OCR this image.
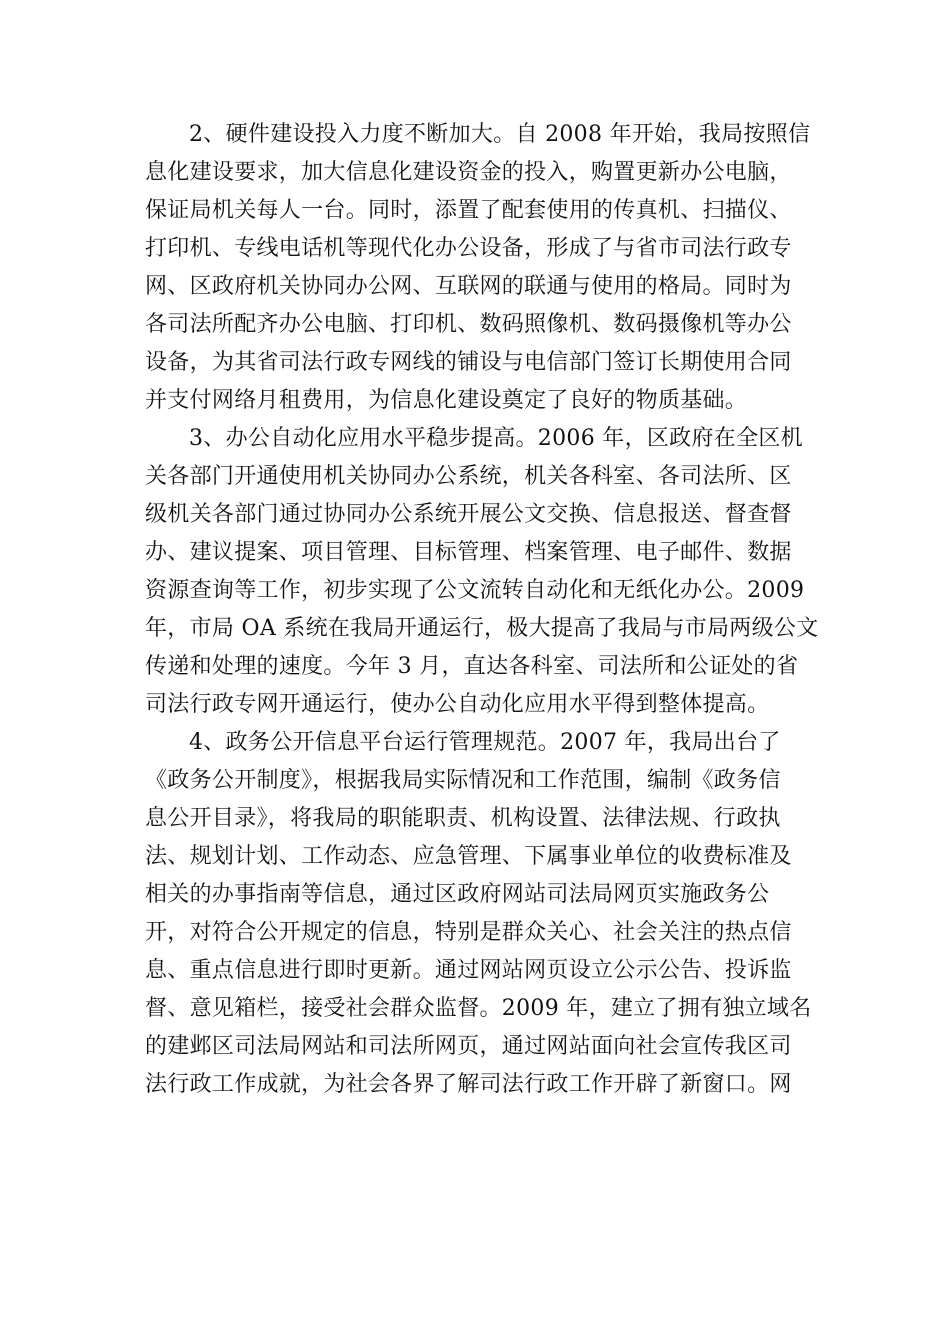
2、硬件建设投入力度不断加大。自 2008 年开始，我局按照信
息化建设要求，加大信息化建设资金的投入，购置更新办公电脑，
保证局机关每人一台。同时，添置了配套使用的传真机、扫描仪、
打印机、专线电话机等现代化办公设备，形成了与省市司法行政专
网、区政府机关协同办公网、互联网的联通与使用的格局。同时为
各司法所配齐办公电脑、打印机、数码照像机、数码摄像机等办公
设备，为其省司法行政专网线的铺设与电信部门签订长期使用合同
并支付网络月租费用，为信息化建设奠定了良好的物质基础。
3、办公自动化应用水平稳步提高。2006 年，区政府在全区机
关各部门开通使用机关协同办公系统，机关各科室、各司法所、区
级机关各部门通过协同办公系统开展公文交换、信息报送、督查督
办、建议提案、项目管理、目标管理、档案管理、电子邮件、数据
资源查询等工作，初步实现了公文流转自动化和无纸化办公。2009
年，市局 OA 系统在我局开通运行，极大提高了我局与市局两级公文
传递和处理的速度。今年 3 月，直达各科室、司法所和公证处的省
司法行政专网开通运行，使办公自动化应用水平得到整体提高。
4、政务公开信息平台运行管理规范。2007 年，我局出台了
《政务公开制度》，根据我局实际情况和工作范围，编制《政务信
息公开目录》，将我局的职能职责、机构设置、法律法规、行政执
法、规划计划、工作动态、应急管理、下属事业单位的收费标准及
相关的办事指南等信息，通过区政府网站司法局网页实施政务公
开，对符合公开规定的信息，特别是群众关心、社会关注的热点信
息、重点信息进行即时更新。通过网站网页设立公示公告、投诉监
督、意见箱栏，接受社会群众监督。2009 年，建立了拥有独立域名
的建邺区司法局网站和司法所网页，通过网站面向社会宣传我区司
法行政工作成就，为社会各界了解司法行政工作开辟了新窗口。网
